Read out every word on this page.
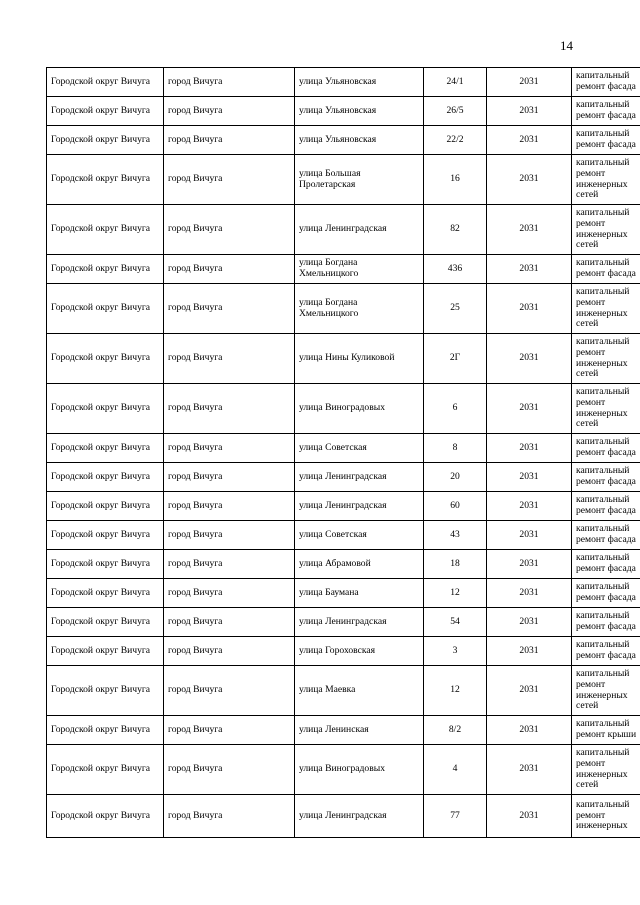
14
Городской округ Вичуга	город Вичуга	улица Ульяновская	24/1	2031	капитальный ремонт фасада
Городской округ Вичуга	город Вичуга	улица Ульяновская	26/5	2031	капитальный ремонт фасада
Городской округ Вичуга	город Вичуга	улица Ульяновская	22/2	2031	капитальный ремонт фасада
Городской округ Вичуга	город Вичуга	улица Большая Пролетарская	16	2031	капитальный ремонт инженерных сетей
Городской округ Вичуга	город Вичуга	улица Ленинградская	82	2031	капитальный ремонт инженерных сетей
Городской округ Вичуга	город Вичуга	улица Богдана Хмельницкого	436	2031	капитальный ремонт фасада
Городской округ Вичуга	город Вичуга	улица Богдана Хмельницкого	25	2031	капитальный ремонт инженерных сетей
Городской округ Вичуга	город Вичуга	улица Нины Куликовой	2Г	2031	капитальный ремонт инженерных сетей
Городской округ Вичуга	город Вичуга	улица Виноградовых	6	2031	капитальный ремонт инженерных сетей
Городской округ Вичуга	город Вичуга	улица Советская	8	2031	капитальный ремонт фасада
Городской округ Вичуга	город Вичуга	улица Ленинградская	20	2031	капитальный ремонт фасада
Городской округ Вичуга	город Вичуга	улица Ленинградская	60	2031	капитальный ремонт фасада
Городской округ Вичуга	город Вичуга	улица Советская	43	2031	капитальный ремонт фасада
Городской округ Вичуга	город Вичуга	улица Абрамовой	18	2031	капитальный ремонт фасада
Городской округ Вичуга	город Вичуга	улица Баумана	12	2031	капитальный ремонт фасада
Городской округ Вичуга	город Вичуга	улица Ленинградская	54	2031	капитальный ремонт фасада
Городской округ Вичуга	город Вичуга	улица Гороховская	3	2031	капитальный ремонт фасада
Городской округ Вичуга	город Вичуга	улица Маевка	12	2031	капитальный ремонт инженерных сетей
Городской округ Вичуга	город Вичуга	улица Ленинская	8/2	2031	капитальный ремонт крыши
Городской округ Вичуга	город Вичуга	улица Виноградовых	4	2031	капитальный ремонт инженерных сетей
Городской округ Вичуга	город Вичуга	улица Ленинградская	77	2031	капитальный ремонт инженерных
